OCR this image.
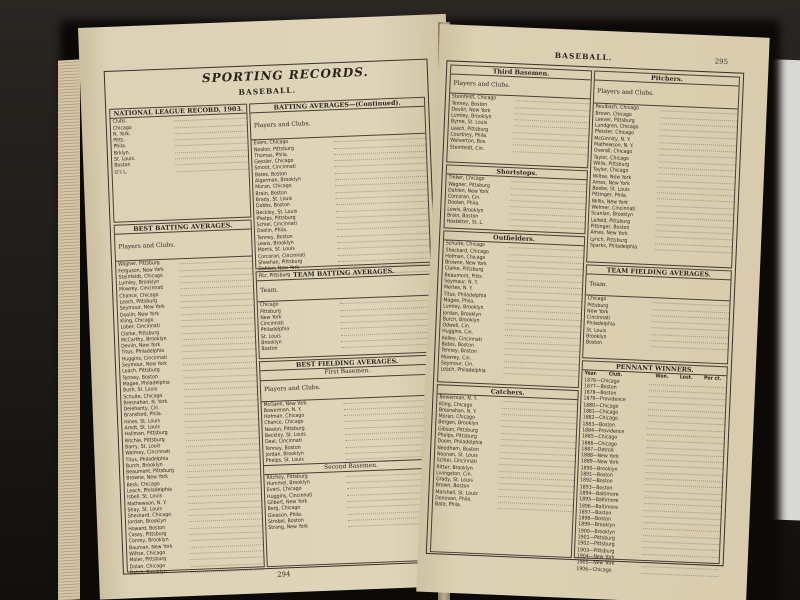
SPORTING RECORDS.
BASEBALL.
NATIONAL LEAGUE RECORD, 1903.
Clubs.
Chicago
N. York.
Pitts.
Phila.
Brklyn.
St. Louis.
Boston
G's L.
BATTING AVERAGES—(Continued).
Players and Clubs.
Evers, Chicago
Nealon, Pittsburg
Thomas, Phila.
Gessler, Chicago
Smoot, Cincinnati
Bates, Boston
Algerman, Brooklyn
Moran, Chicago
Brain, Boston
Brady, St. Louis
Dobbs, Boston
Beckley, St. Louis
Phelps, Pittsburg
Schiel, Cincinnati
Doolin, Phila.
Tenney, Boston
Lewis, Brooklyn
Morris, St. Louis
Corcoran, Cincinnati
Sheehan, Pittsburg
Dahlen, New York
Fitz, Pittsburg
BEST BATTING AVERAGES.
Players and Clubs.
Wagner, Pittsburg
Ferguson, New York
Steinfeldt, Chicago
Lumley, Brooklyn
Mowrey, Cincinnati
Chance, Chicago
Leach, Pittsburg
Seymour, New York
Doolin, New York
Kling, Chicago
Lober, Cincinnati
Clarke, Pittsburg
McCarthy, Brooklyn
Devlin, New York
Titus, Philadelphia
Huggins, Cincinnati
Seymour, New York
Leach, Pittsburg
Tenney, Boston
Magee, Philadelphia
Bush, St. Louis
Schulte, Chicago
Bresnahan, N. York
Delehanty, Cin.
Bransford, Phila.
Hines, St. Louis
Arndt, St. Louis
Hallman, Pittsburg
Ritchie, Pittsburg
Barry, St. Louis
Walmey, Cincinnati
Titus, Philadelphia
Burch, Brooklyn
Beaumont, Pittsburg
Browne, New York
Beck, Chicago
Leach, Philadelphia
Isbell, St. Louis
Mathewson, N. Y.
Shay, St. Louis
Sheckard, Chicago
Jordan, Brooklyn
Howard, Boston
Casey, Pittsburg
Conroy, Brooklyn
Bauman, New York
Wiltse, Chicago
Moler, Pittsburg
Dolan, Chicago
Batch, Brooklyn
TEAM BATTING AVERAGES.
Team.
Chicago
Pittsburg
New York
Cincinnati
Philadelphia
St. Louis
Brooklyn
Boston
BEST FIELDING AVERAGES.
First Basemen.
Players and Clubs.
McGann, New York
Bowerman, N. Y.
Hofman, Chicago
Chance, Chicago
Nealon, Pittsburg
Beckley, St. Louis
Deal, Cincinnati
Tenney, Boston
Jordan, Brooklyn
Phelps, St. Louis
Second Basemen.
Ritchey, Pittsburg
Hummel, Brooklyn
Evers, Chicago
Huggins, Cincinnati
Gilbert, New York
Berg, Chicago
Gleason, Phila.
Strobel, Boston
Strang, New York
294
BASEBALL.	295
Third Basemen.
Players and Clubs.
Steinfeldt, Chicago
Tenney, Boston
Devlin, New York
Lumley, Brooklyn
Byrne, St. Louis
Leach, Pittsburg
Courtney, Phila.
Wolverton, Bos.
Steinfeldt, Cin.
Pitchers.
Players and Clubs.
Reulbach, Chicago
Brown, Chicago
Leever, Pittsburg
Lundgren, Chicago
Pfeister, Chicago
McGinnity, N. Y.
Mathewson, N. Y.
Overall, Chicago
Taylor, Chicago
Willis, Pittsburg
Taylor, Chicago
Wiltse, New York
Ames, New York
Beebe, St. Louis
Pittinger, Phila.
Willis, New York
Welmer, Cincinnati
Scanlan, Brooklyn
Leifeld, Pittsburg
Pittinger, Boston
Ames, New York
Lynch, Pittsburg
Sparks, Philadelphia
Shortstops.
Tinker, Chicago
Wagner, Pittsburg
Dahlen, New York
Corcoran, Cin.
Doolan, Phila.
Lewis, Brooklyn
Brain, Boston
Hostetter, St. L.
Outfielders.
Schulte, Chicago
Sheckard, Chicago
Hofman, Chicago
Browne, New York
Clarke, Pittsburg
Beaumont, Pitts.
Seymour, N. Y.
Mertes, N. Y.
Titus, Philadelphia
Magee, Phila.
Lumley, Brooklyn
Jordan, Brooklyn
Burch, Brooklyn
Odwell, Cin.
Huggins, Cin.
Kelley, Cincinnati
Bates, Boston
Tenney, Boston
Mowrey, Cin.
Seymour, Cin.
Leach, Philadelphia
TEAM FIELDING AVERAGES.
Team.
Chicago
Pittsburg
New York
Cincinnati
Philadelphia
St. Louis
Brooklyn
Boston
PENNANT WINNERS.
Year.	Club.	Won.	Lost.	Per ct.
1876—Chicago
1877—Boston
1878—Boston
1879—Providence
1880—Chicago
1881—Chicago
1882—Chicago
1883—Boston
1884—Providence
1885—Chicago
1886—Chicago
1887—Detroit
1888—New York
1889—New York
1890—Brooklyn
1891—Boston
1892—Boston
1893—Boston
1894—Baltimore
1895—Baltimore
1896—Baltimore
1897—Boston
1898—Boston
1899—Brooklyn
1900—Brooklyn
1901—Pittsburg
1902—Pittsburg
1903—Pittsburg
1904—New York
1905—New York
1906—Chicago
Catchers.
Bowerman, N. Y.
Kling, Chicago
Bresnahan, N. Y.
Moran, Chicago
Bergen, Brooklyn
Gibson, Pittsburg
Phelps, Pittsburg
Dooin, Philadelphia
Needham, Boston
Noonan, St. Louis
Schlei, Cincinnati
Ritter, Brooklyn
Livingston, Cin.
Grady, St. Louis
Brown, Boston
Marshall, St. Louis
Donovan, Phila.
Bate, Phila.
